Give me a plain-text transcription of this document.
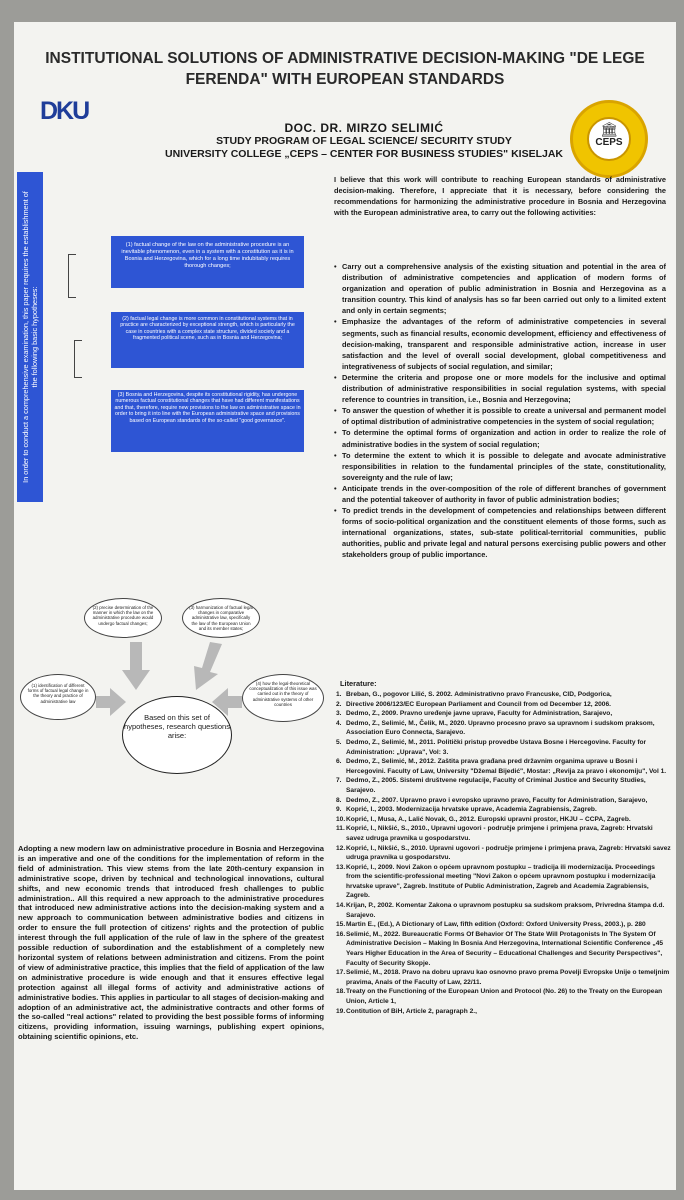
INSTITUTIONAL SOLUTIONS OF ADMINISTRATIVE DECISION-MAKING "DE LEGE
FERENDA" WITH EUROPEAN STANDARDS
DKU
DOC. DR. MIRZO SELIMIĆ
STUDY PROGRAM OF LEGAL SCIENCE/ SECURITY STUDY
UNIVERSITY COLLEGE „CEPS – CENTER FOR BUSINESS STUDIES" KISELJAK
🏛
CEPS
In order to conduct a comprehensive examination, this paper requires the establishment of the following basic hypotheses:
(1) factual change of the law on the administrative procedure is an inevitable phenomenon, even in a system with a constitution as it is in Bosnia and Herzegovina, which for a long time indubitably requires thorough changes;
(2) factual legal change is more common in constitutional systems that in practice are characterized by exceptional strength, which is particularly the case in countries with a complex state structure, divided society and a fragmented political scene, such as in Bosnia and Herzegovina;
(3) Bosnia and Herzegovina, despite its constitutional rigidity, has undergone numerous factual constitutional changes that have had different manifestations and that, therefore, require new provisions to the law on administrative space in order to bring it into line with the European administrative space and provisions based on European standards of the so-called "good governance".
(2) precise determination of the manner in which the law on the administrative procedure would undergo factual changes;
(3) harmonization of factual legal changes in comparative administrative law, specifically the law of the European Union and its member states;
(1) identification of different forms of factual legal change in the theory and practice of administrative law
(4) how the legal-theoretical conceptualization of this issue was carried out in the theory of administrative systems of other countries
Based on this set of hypotheses, research questions arise:
I believe that this work will contribute to reaching European standards of administrative decision-making. Therefore, I appreciate that it is necessary, before considering the recommendations for harmonizing the administrative procedure in Bosnia and Herzegovina with the European administrative area, to carry out the following activities:
• Carry out a comprehensive analysis of the existing situation and potential in the area of distribution of administrative competencies and application of modern forms of organization and operation of public administration in Bosnia and Herzegovina as a transition country. This kind of analysis has so far been carried out only to a limited extent and only in certain segments;
• Emphasize the advantages of the reform of administrative competencies in several segments, such as financial results, economic development, efficiency and effectiveness of decision-making, transparent and responsible administrative action, increase in user satisfaction and the level of overall social development, global competitiveness and integrativeness of subjects of social regulation, and similar;
• Determine the criteria and propose one or more models for the inclusive and optimal distribution of administrative responsibilities in social regulation systems, with special reference to countries in transition, i.e., Bosnia and Herzegovina;
• To answer the question of whether it is possible to create a universal and permanent model of optimal distribution of administrative competencies in the system of social regulation;
• To determine the optimal forms of organization and action in order to realize the role of administrative bodies in the system of social regulation;
• To determine the extent to which it is possible to delegate and avocate administrative responsibilities in relation to the fundamental principles of the state, constitutionality, sovereignty and the rule of law;
• Anticipate trends in the over-composition of the role of different branches of government and the potential takeover of authority in favor of public administration bodies;
• To predict trends in the development of competencies and relationships between different forms of socio-political organization and the constituent elements of those forms, such as international organizations, states, sub-state political-territorial communities, public authorities, public and private legal and natural persons exercising public powers and other stakeholders group of public importance.
Adopting a new modern law on administrative procedure in Bosnia and Herzegovina is an imperative and one of the conditions for the implementation of reform in the field of administration. This view stems from the late 20th-century expansion in administrative scope, driven by technical and technological innovations, cultural shifts, and new economic trends that introduced fresh challenges to public administration.. All this required a new approach to the administrative procedures that introduced new administrative actions into the decision-making system and a new approach to communication between administrative bodies and citizens in order to ensure the full protection of citizens' rights and the protection of public interest through the full application of the rule of law in the sphere of the greatest possible reduction of subordination and the establishment of a completely new horizontal system of relations between administration and citizens. From the point of view of administrative practice, this implies that the field of application of the law on administrative procedure is wide enough and that it ensures effective legal protection against all illegal forms of activity and administrative actions of administrative bodies. This applies in particular to all stages of decision-making and adoption of an administrative act, the administrative contracts and other forms of the so-called "real actions" related to providing the best possible forms of informing citizens, providing information, issuing warnings, publishing expert opinions, obtaining scientific opinions, etc.
Literature:
1. Breban, G., pogovor Lilić, S. 2002. Administrativno pravo Francuske, CID, Podgorica,
2. Directive 2006/123/EC European Parliament and Council from od December 12, 2006.
3. Dedmo, Z., 2009. Pravno uređenje javne uprave, Faculty for Administration, Sarajevo,
4. Dedmo, Z., Selimić, M., Čelik, M., 2020. Upravno procesno pravo sa upravnom i sudskom praksom, Association Euro Connecta, Sarajevo.
5. Dedmo, Z., Selimić, M., 2011. Politički pristup provedbe Ustava Bosne i Hercegovine. Faculty for Administration: „Uprava", Vol: 3.
6. Dedmo, Z., Selimić, M., 2012. Zaštita prava građana pred državnim organima uprave u Bosni i Hercegovini. Faculty of Law, University "Džemal Bijedić", Mostar: „Revija za pravo i ekonomiju", Vol 1.
7. Dedmo, Z., 2005. Sistemi društvene regulacije, Faculty of Criminal Justice and Security Studies, Sarajevo.
8. Dedmo, Z., 2007. Upravno pravo i evropsko upravno pravo, Faculty for Administration, Sarajevo,
9. Koprić, I., 2003. Modernizacija hrvatske uprave, Academia Zagrabiensis, Zagreb.
10. Koprić, I., Musa, A., Lalić Novak, G., 2012. Europski upravni prostor, HKJU – CCPA, Zagreb.
11. Koprić, I., Nikšić, S., 2010., Upravni ugovori - područje primjene i primjena prava, Zagreb: Hrvatski savez udruga pravnika u gospodarstvu.
12. Koprić, I., Nikšić, S., 2010. Upravni ugovori - područje primjene i primjena prava, Zagreb: Hrvatski savez udruga pravnika u gospodarstvu.
13. Koprić, I., 2009. Novi Zakon o općem upravnom postupku – tradicija ili modernizacija. Proceedings from the scientific-professional meeting "Novi Zakon o općem upravnom postupku i modernizacija hrvatske uprave", Zagreb. Institute of Public Administration, Zagreb and Academia Zagrabiensis, Zagreb.
14. Krijan, P., 2002. Komentar Zakona o upravnom postupku sa sudskom praksom, Privredna štampa d.d. Sarajevo.
15. Martin E., (Ed.), A Dictionary of Law, fifth edition (Oxford: Oxford University Press, 2003.), p. 280
16. Selimić, M., 2022. Bureaucratic Forms Of Behavior Of The State Will Protagonists In The System Of Administrative Decision – Making In Bosnia And Herzegovina, International Scientific Conference „45 Years Higher Education in the Area of Security – Educational Challenges and Security Perspectives", Faculty of Security Skopje.
17. Selimić, M., 2018. Pravo na dobru upravu kao osnovno pravo prema Povelji Evropske Unije o temeljnim pravima, Anals of the Faculty of Law, 22/11.
18. Treaty on the Functioning of the European Union and Protocol (No. 26) to the Treaty on the European Union, Article 1,
19. Contitution of BiH, Article 2, paragraph 2.,
